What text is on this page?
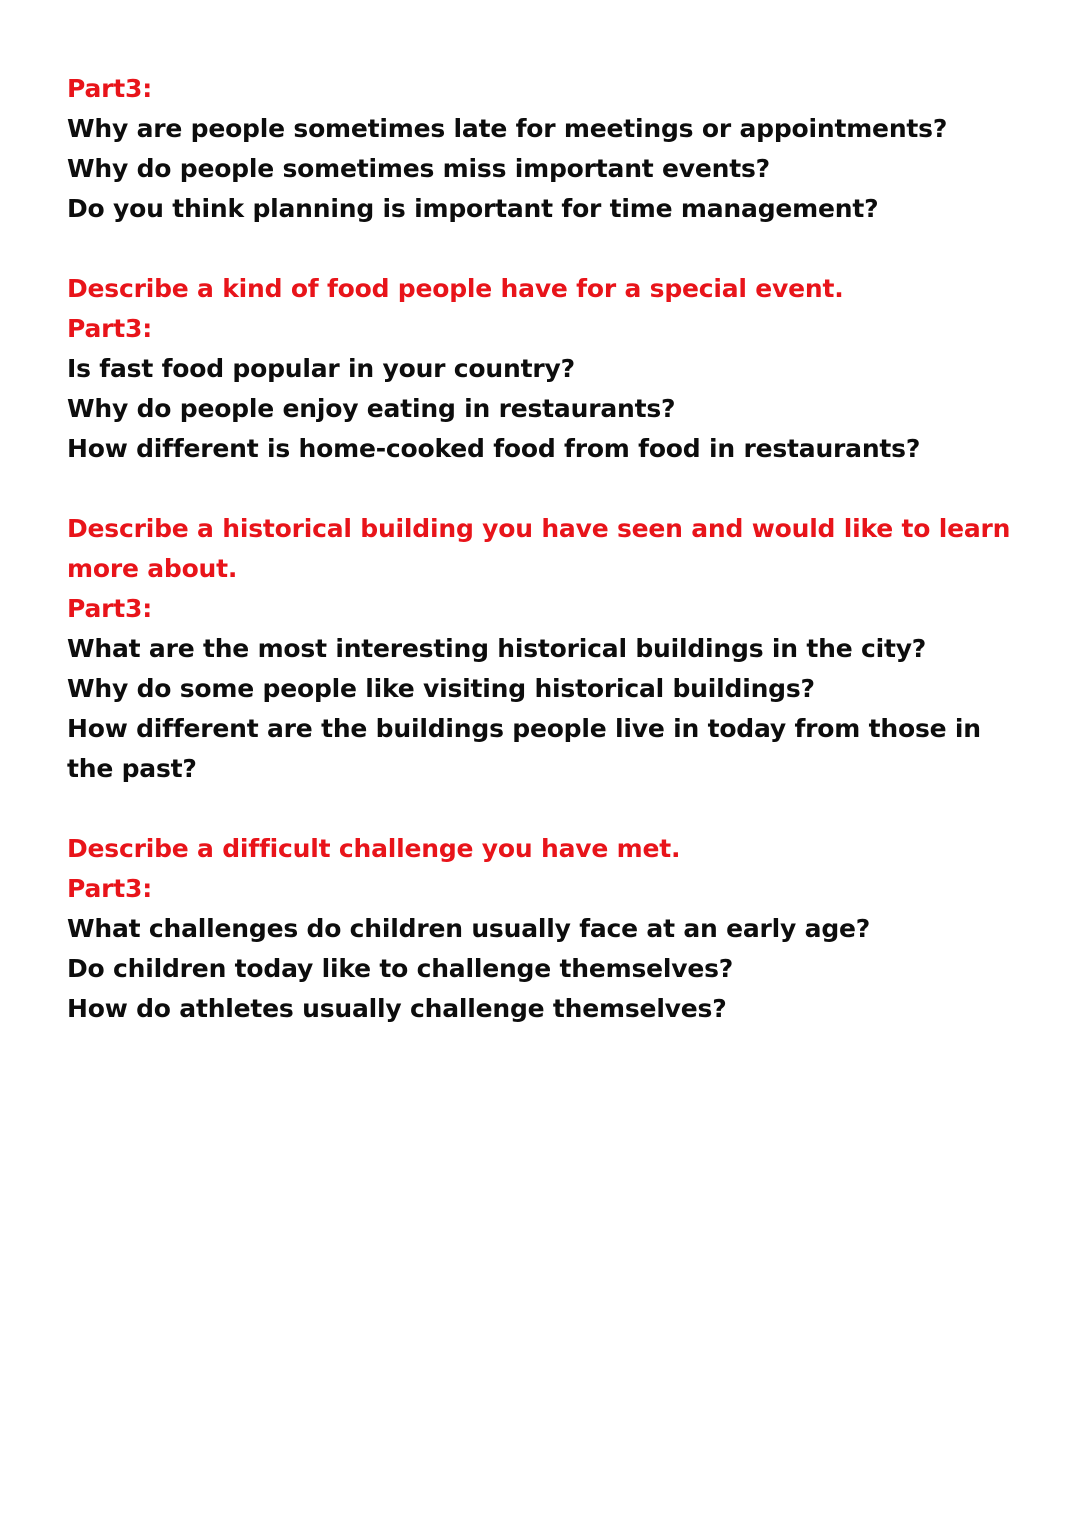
Part3:
Why are people sometimes late for meetings or appointments?
Why do people sometimes miss important events?
Do you think planning is important for time management?
Describe a kind of food people have for a special event.
Part3:
Is fast food popular in your country?
Why do people enjoy eating in restaurants?
How different is home-cooked food from food in restaurants?
Describe a historical building you have seen and would like to learn more about.
Part3:
What are the most interesting historical buildings in the city?
Why do some people like visiting historical buildings?
How different are the buildings people live in today from those in the past?
Describe a difficult challenge you have met.
Part3:
What challenges do children usually face at an early age?
Do children today like to challenge themselves?
How do athletes usually challenge themselves?
